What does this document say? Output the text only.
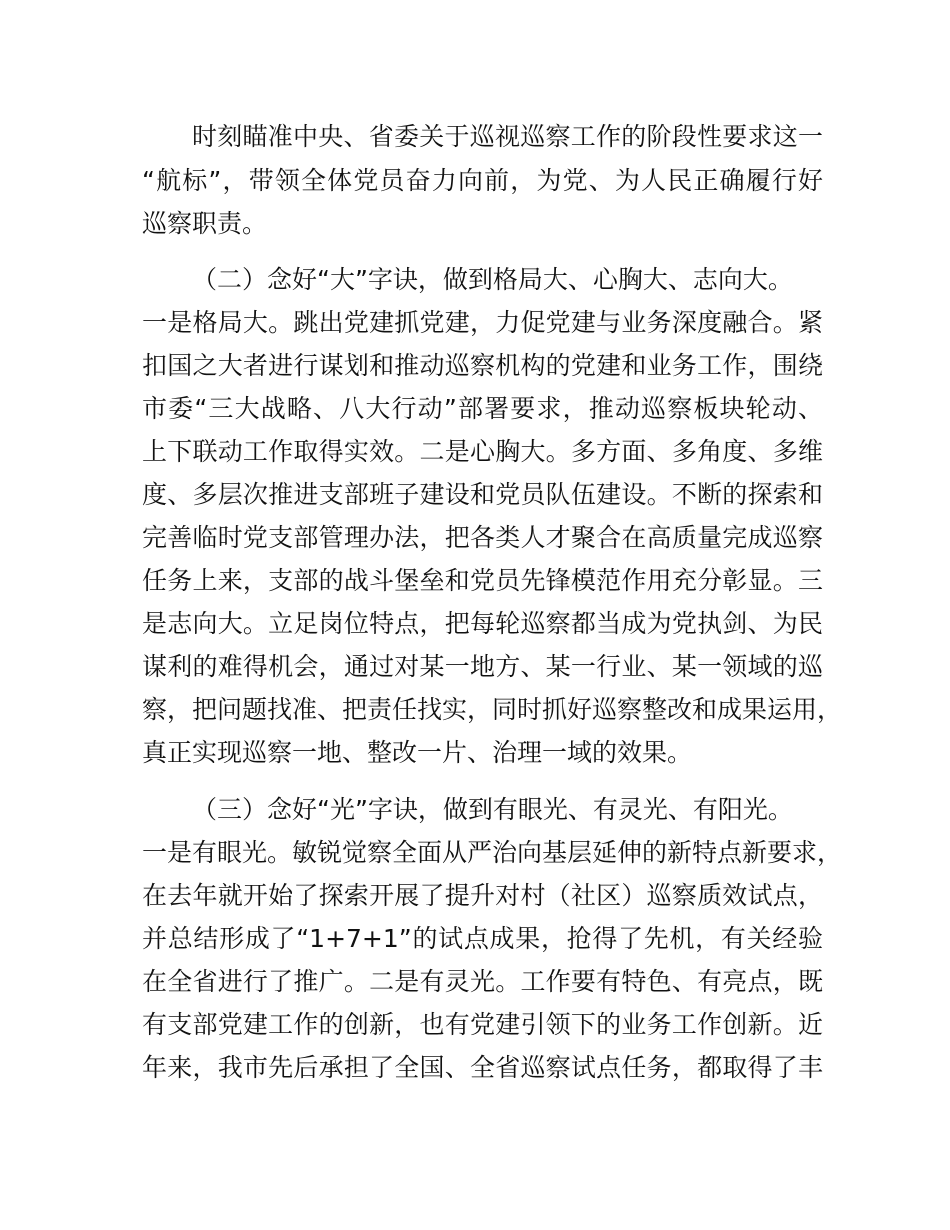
时刻瞄准中央、省委关于巡视巡察工作的阶段性要求这一
“航标”，带领全体党员奋力向前，为党、为人民正确履行好
巡察职责。
（二）念好“大”字诀，做到格局大、心胸大、志向大。
一是格局大。跳出党建抓党建，力促党建与业务深度融合。紧
扣国之大者进行谋划和推动巡察机构的党建和业务工作，围绕
市委“三大战略、八大行动”部署要求，推动巡察板块轮动、
上下联动工作取得实效。二是心胸大。多方面、多角度、多维
度、多层次推进支部班子建设和党员队伍建设。不断的探索和
完善临时党支部管理办法，把各类人才聚合在高质量完成巡察
任务上来，支部的战斗堡垒和党员先锋模范作用充分彰显。三
是志向大。立足岗位特点，把每轮巡察都当成为党执剑、为民
谋利的难得机会，通过对某一地方、某一行业、某一领域的巡
察，把问题找准、把责任找实，同时抓好巡察整改和成果运用，
真正实现巡察一地、整改一片、治理一域的效果。
（三）念好“光”字诀，做到有眼光、有灵光、有阳光。
一是有眼光。敏锐觉察全面从严治向基层延伸的新特点新要求，
在去年就开始了探索开展了提升对村（社区）巡察质效试点，
并总结形成了“1+7+1”的试点成果，抢得了先机，有关经验
在全省进行了推广。二是有灵光。工作要有特色、有亮点，既
有支部党建工作的创新，也有党建引领下的业务工作创新。近
年来，我市先后承担了全国、全省巡察试点任务，都取得了丰
